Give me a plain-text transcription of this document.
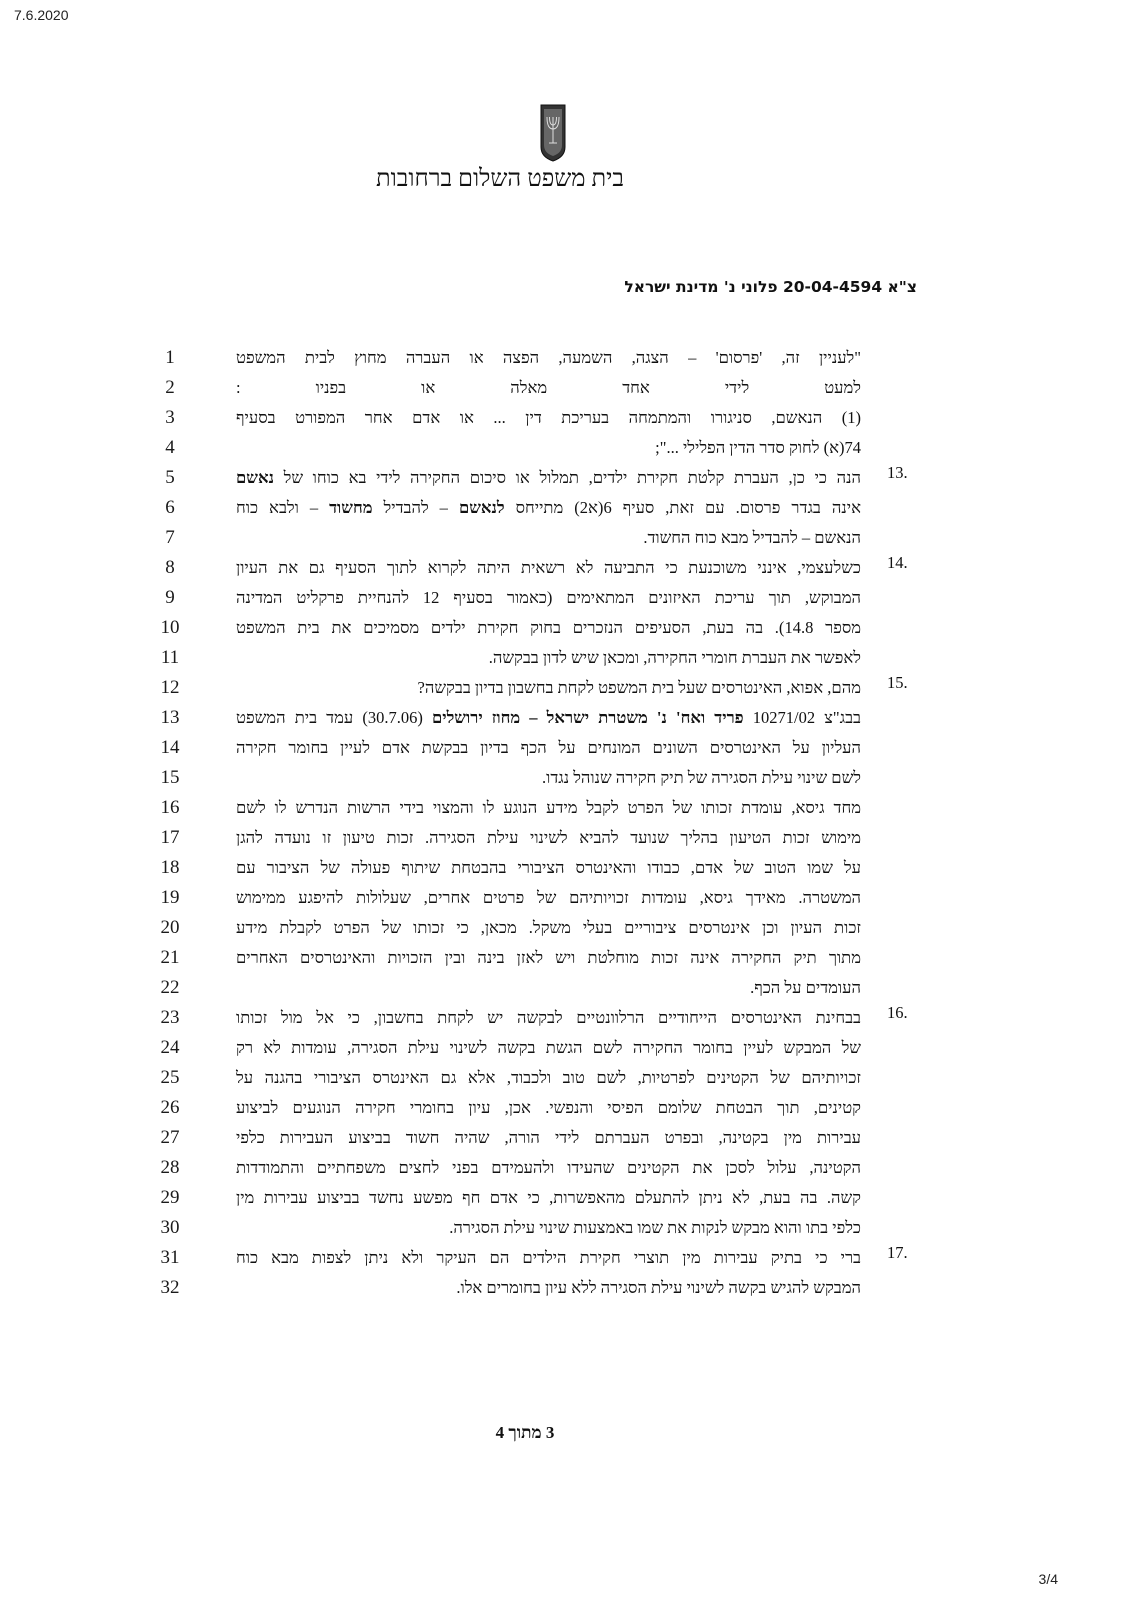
7.6.2020
בית משפט השלום ברחובות
צ"א 20-04-4594 פלוני נ' מדינת ישראל
1
2
3
4
5
6
7
8
9
10
11
12
13
14
15
16
17
18
19
20
21
22
23
24
25
26
27
28
29
30
31
32
"לעניין זה, 'פרסום' – הצגה, השמעה, הפצה או העברה מחוץ לבית המשפט
למעט לידי אחד מאלה או בפניו :
(1) הנאשם, סניגורו והמתמחה בעריכת דין ... או אדם אחר המפורט בסעיף
74(א) לחוק סדר הדין הפלילי ...";
הנה כי כן, העברת קלטת חקירת ילדים, תמלול או סיכום החקירה לידי בא כוחו של נאשם
אינה בגדר פרסום. עם זאת, סעיף 6(א2) מתייחס לנאשם – להבדיל מחשוד – ולבא כוח
הנאשם – להבדיל מבא כוח החשוד.
כשלעצמי, אינני משוכנעת כי התביעה לא רשאית היתה לקרוא לתוך הסעיף גם את העיון
המבוקש, תוך עריכת האיזונים המתאימים (כאמור בסעיף 12 להנחיית פרקליט המדינה
מספר 14.8). בה בעת, הסעיפים הנזכרים בחוק חקירת ילדים מסמיכים את בית המשפט
לאפשר את העברת חומרי החקירה, ומכאן שיש לדון בבקשה.
מהם, אפוא, האינטרסים שעל בית המשפט לקחת בחשבון בדיון בבקשה?
בבג"צ 10271/02 פריד ואח' נ' משטרת ישראל – מחוז ירושלים (30.7.06) עמד בית המשפט
העליון על האינטרסים השונים המונחים על הכף בדיון בבקשת אדם לעיין בחומר חקירה
לשם שינוי עילת הסגירה של תיק חקירה שנוהל נגדו.
מחד גיסא, עומדת זכותו של הפרט לקבל מידע הנוגע לו והמצוי בידי הרשות הנדרש לו לשם
מימוש זכות הטיעון בהליך שנועד להביא לשינוי עילת הסגירה. זכות טיעון זו נועדה להגן
על שמו הטוב של אדם, כבודו והאינטרס הציבורי בהבטחת שיתוף פעולה של הציבור עם
המשטרה. מאידך גיסא, עומדות זכויותיהם של פרטים אחרים, שעלולות להיפגע ממימוש
זכות העיון וכן אינטרסים ציבוריים בעלי משקל. מכאן, כי זכותו של הפרט לקבלת מידע
מתוך תיק החקירה אינה זכות מוחלטת ויש לאזן בינה ובין הזכויות והאינטרסים האחרים
העומדים על הכף.
בבחינת האינטרסים הייחודיים הרלוונטיים לבקשה יש לקחת בחשבון, כי אל מול זכותו
של המבקש לעיין בחומר החקירה לשם הגשת בקשה לשינוי עילת הסגירה, עומדות לא רק
זכויותיהם של הקטינים לפרטיות, לשם טוב ולכבוד, אלא גם האינטרס הציבורי בהגנה על
קטינים, תוך הבטחת שלומם הפיסי והנפשי. אכן, עיון בחומרי חקירה הנוגעים לביצוע
עבירות מין בקטינה, ובפרט העברתם לידי הורה, שהיה חשוד בביצוע העבירות כלפי
הקטינה, עלול לסכן את הקטינים שהעידו ולהעמידם בפני לחצים משפחתיים והתמודדות
קשה. בה בעת, לא ניתן להתעלם מהאפשרות, כי אדם חף מפשע נחשד בביצוע עבירות מין
כלפי בתו והוא מבקש לנקות את שמו באמצעות שינוי עילת הסגירה.
ברי כי בתיק עבירות מין תוצרי חקירת הילדים הם העיקר ולא ניתן לצפות מבא כוח
המבקש להגיש בקשה לשינוי עילת הסגירה ללא עיון בחומרים אלו.
13.
14.
15.
16.
17.
3 מתוך 4
3/4
